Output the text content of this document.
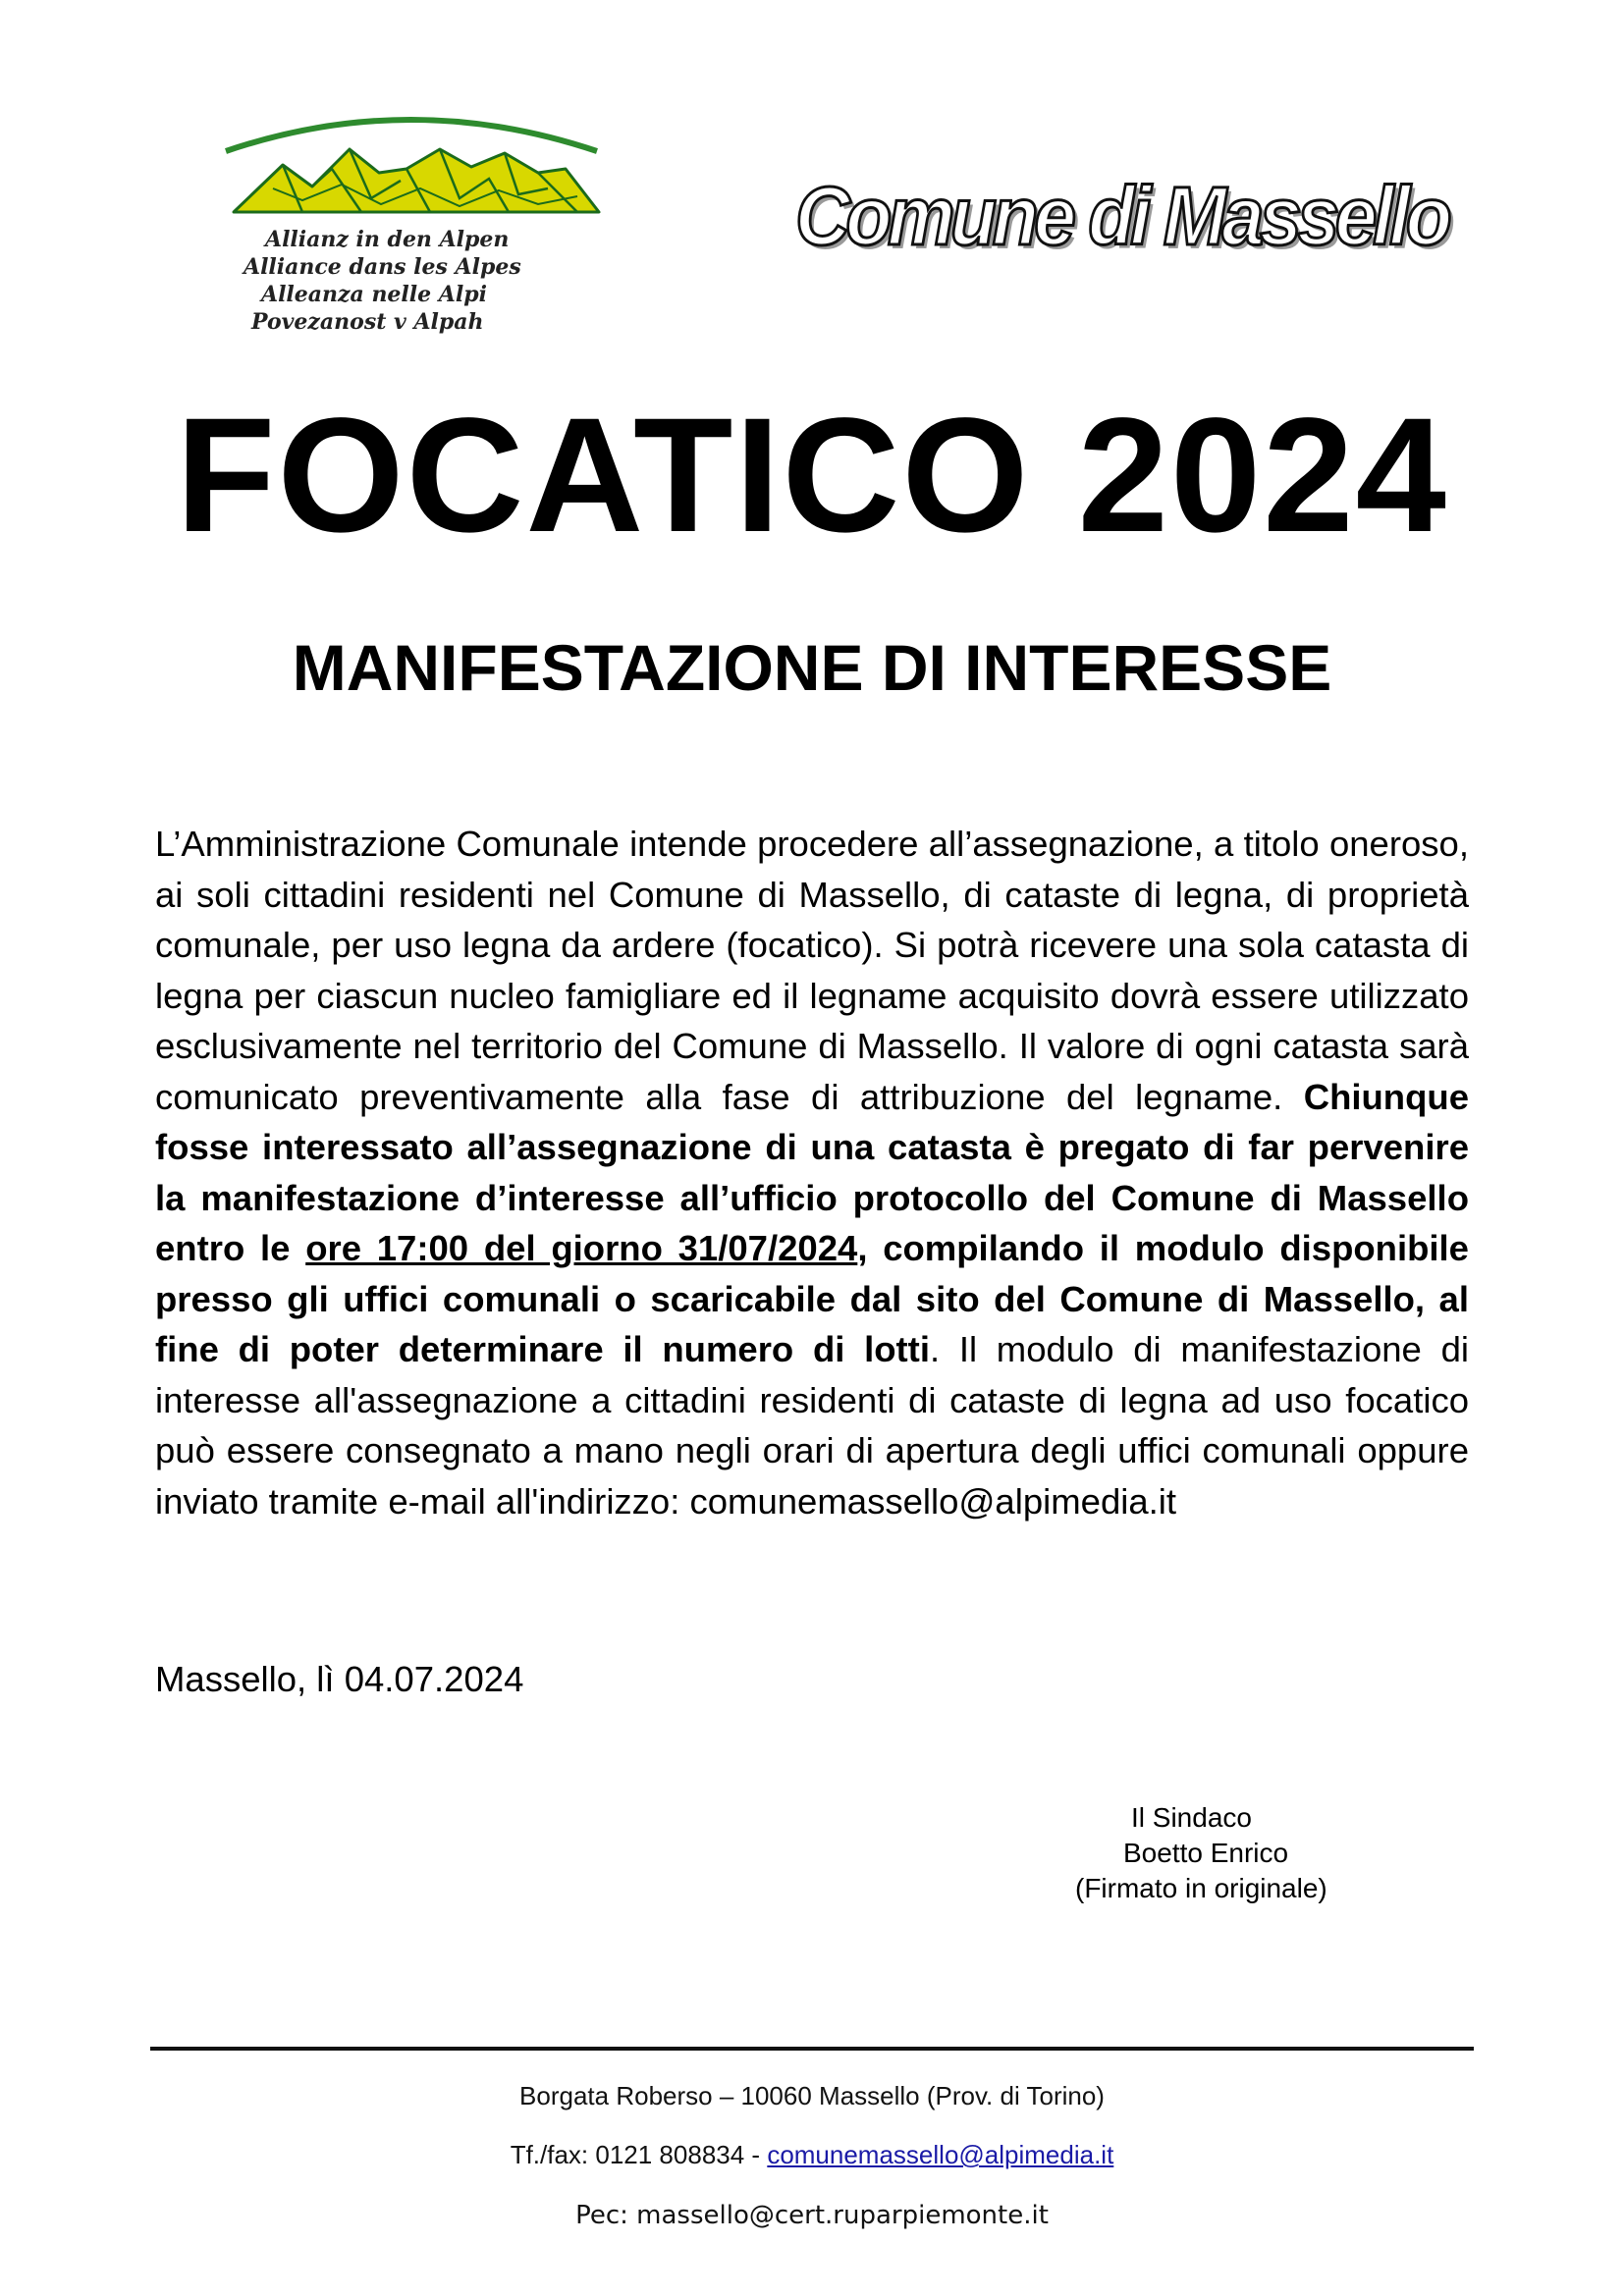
Allianz in den Alpen
Alliance dans les Alpes
Alleanza nelle Alpi
Povezanost v Alpah
Comune di Massello
FOCATICO 2024
MANIFESTAZIONE DI INTERESSE
L’Amministrazione Comunale intende procedere all’assegnazione, a titolo oneroso, ai soli cittadini residenti nel Comune di Massello, di cataste di legna, di proprietà comunale, per uso legna da ardere (focatico). Si potrà ricevere una sola catasta di legna per ciascun nucleo famigliare ed il legname acquisito dovrà essere utilizzato esclusivamente nel territorio del Comune di Massello. Il valore di ogni catasta sarà comunicato preventivamente alla fase di attribuzione del legname. Chiunque fosse interessato all’assegnazione di una catasta è pregato di far pervenire la manifestazione d’interesse all’ufficio protocollo del Comune di Massello entro le ore 17:00 del giorno 31/07/2024, compilando il modulo disponibile presso gli uffici comunali o scaricabile dal sito del Comune di Massello, al fine di poter determinare il numero di lotti. Il modulo di manifestazione di interesse all'assegnazione a cittadini residenti di cataste di legna ad uso focatico può essere consegnato a mano negli orari di apertura degli uffici comunali oppure inviato tramite e-mail all'indirizzo: comunemassello@alpimedia.it
Massello, lì 04.07.2024
Il Sindaco
Boetto Enrico
(Firmato in originale)
Borgata Roberso – 10060 Massello (Prov. di Torino)
Tf./fax: 0121 808834 - comunemassello@alpimedia.it
Pec: massello@cert.ruparpiemonte.it
